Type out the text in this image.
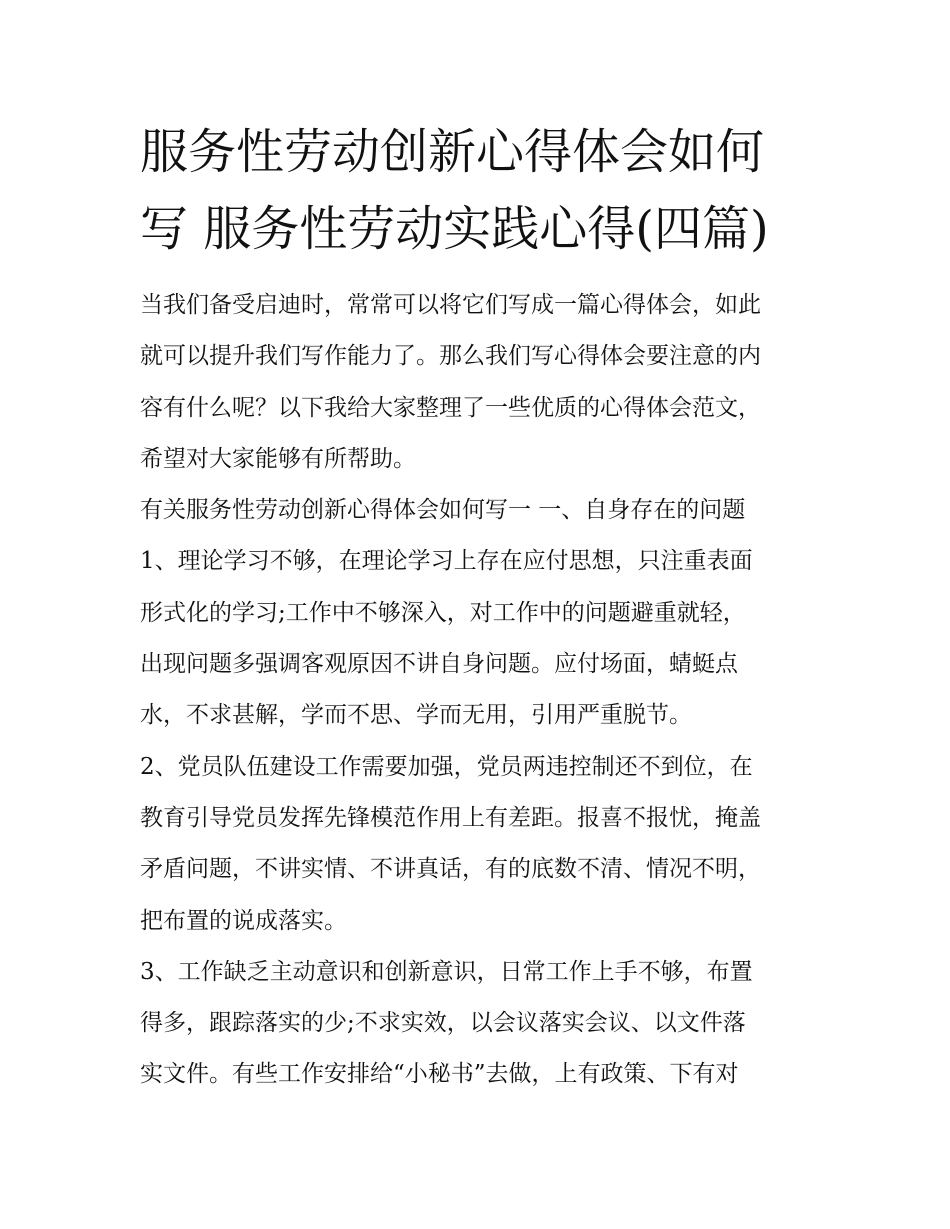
服务性劳动创新心得体会如何
写 服务性劳动实践心得(四篇)
当我们备受启迪时，常常可以将它们写成一篇心得体会，如此
就可以提升我们写作能力了。那么我们写心得体会要注意的内
容有什么呢？以下我给大家整理了一些优质的心得体会范文，
希望对大家能够有所帮助。
有关服务性劳动创新心得体会如何写一 一、自身存在的问题
1、理论学习不够，在理论学习上存在应付思想，只注重表面
形式化的学习;工作中不够深入，对工作中的问题避重就轻，
出现问题多强调客观原因不讲自身问题。应付场面，蜻蜓点
水，不求甚解，学而不思、学而无用，引用严重脱节。
2、党员队伍建设工作需要加强，党员两违控制还不到位，在
教育引导党员发挥先锋模范作用上有差距。报喜不报忧，掩盖
矛盾问题，不讲实情、不讲真话，有的底数不清、情况不明，
把布置的说成落实。
3、工作缺乏主动意识和创新意识，日常工作上手不够，布置
得多，跟踪落实的少;不求实效，以会议落实会议、以文件落
实文件。有些工作安排给“小秘书”去做，上有政策、下有对
